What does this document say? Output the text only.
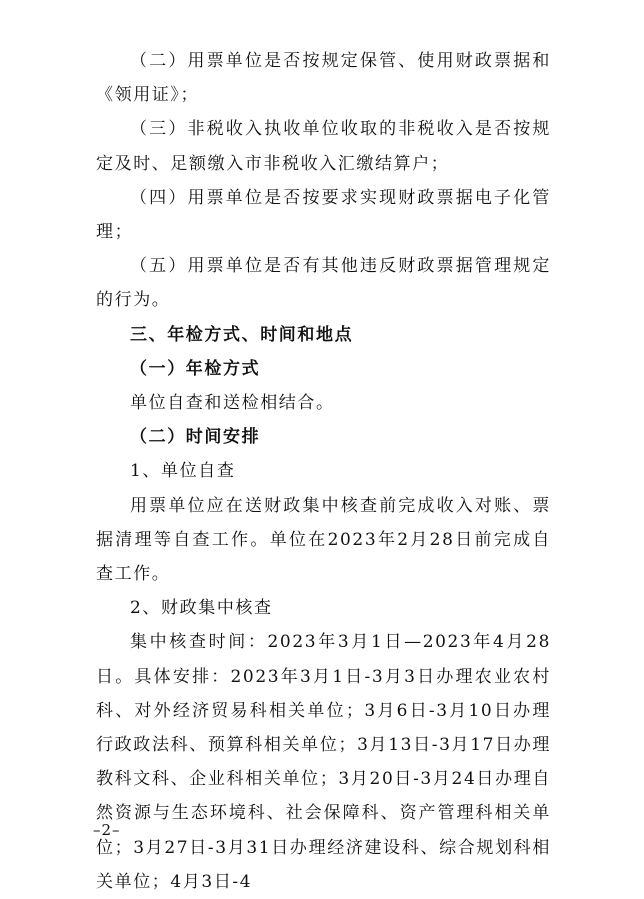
（二）用票单位是否按规定保管、使用财政票据和《领用证》；

（三）非税收入执收单位收取的非税收入是否按规定及时、足额缴入市非税收入汇缴结算户；

（四）用票单位是否按要求实现财政票据电子化管理；

（五）用票单位是否有其他违反财政票据管理规定的行为。

三、年检方式、时间和地点

（一）年检方式

单位自查和送检相结合。

（二）时间安排

1、单位自查

用票单位应在送财政集中核查前完成收入对账、票据清理等自查工作。单位在2023年2月28日前完成自查工作。

2、财政集中核查

集中核查时间：2023年3月1日—2023年4月28日。具体安排：2023年3月1日-3月3日办理农业农村科、对外经济贸易科相关单位；3月6日-3月10日办理行政政法科、预算科相关单位；3月13日-3月17日办理教科文科、企业科相关单位；3月20日-3月24日办理自然资源与生态环境科、社会保障科、资产管理科相关单位；3月27日-3月31日办理经济建设科、综合规划科相关单位；4月3日-4

–2–
